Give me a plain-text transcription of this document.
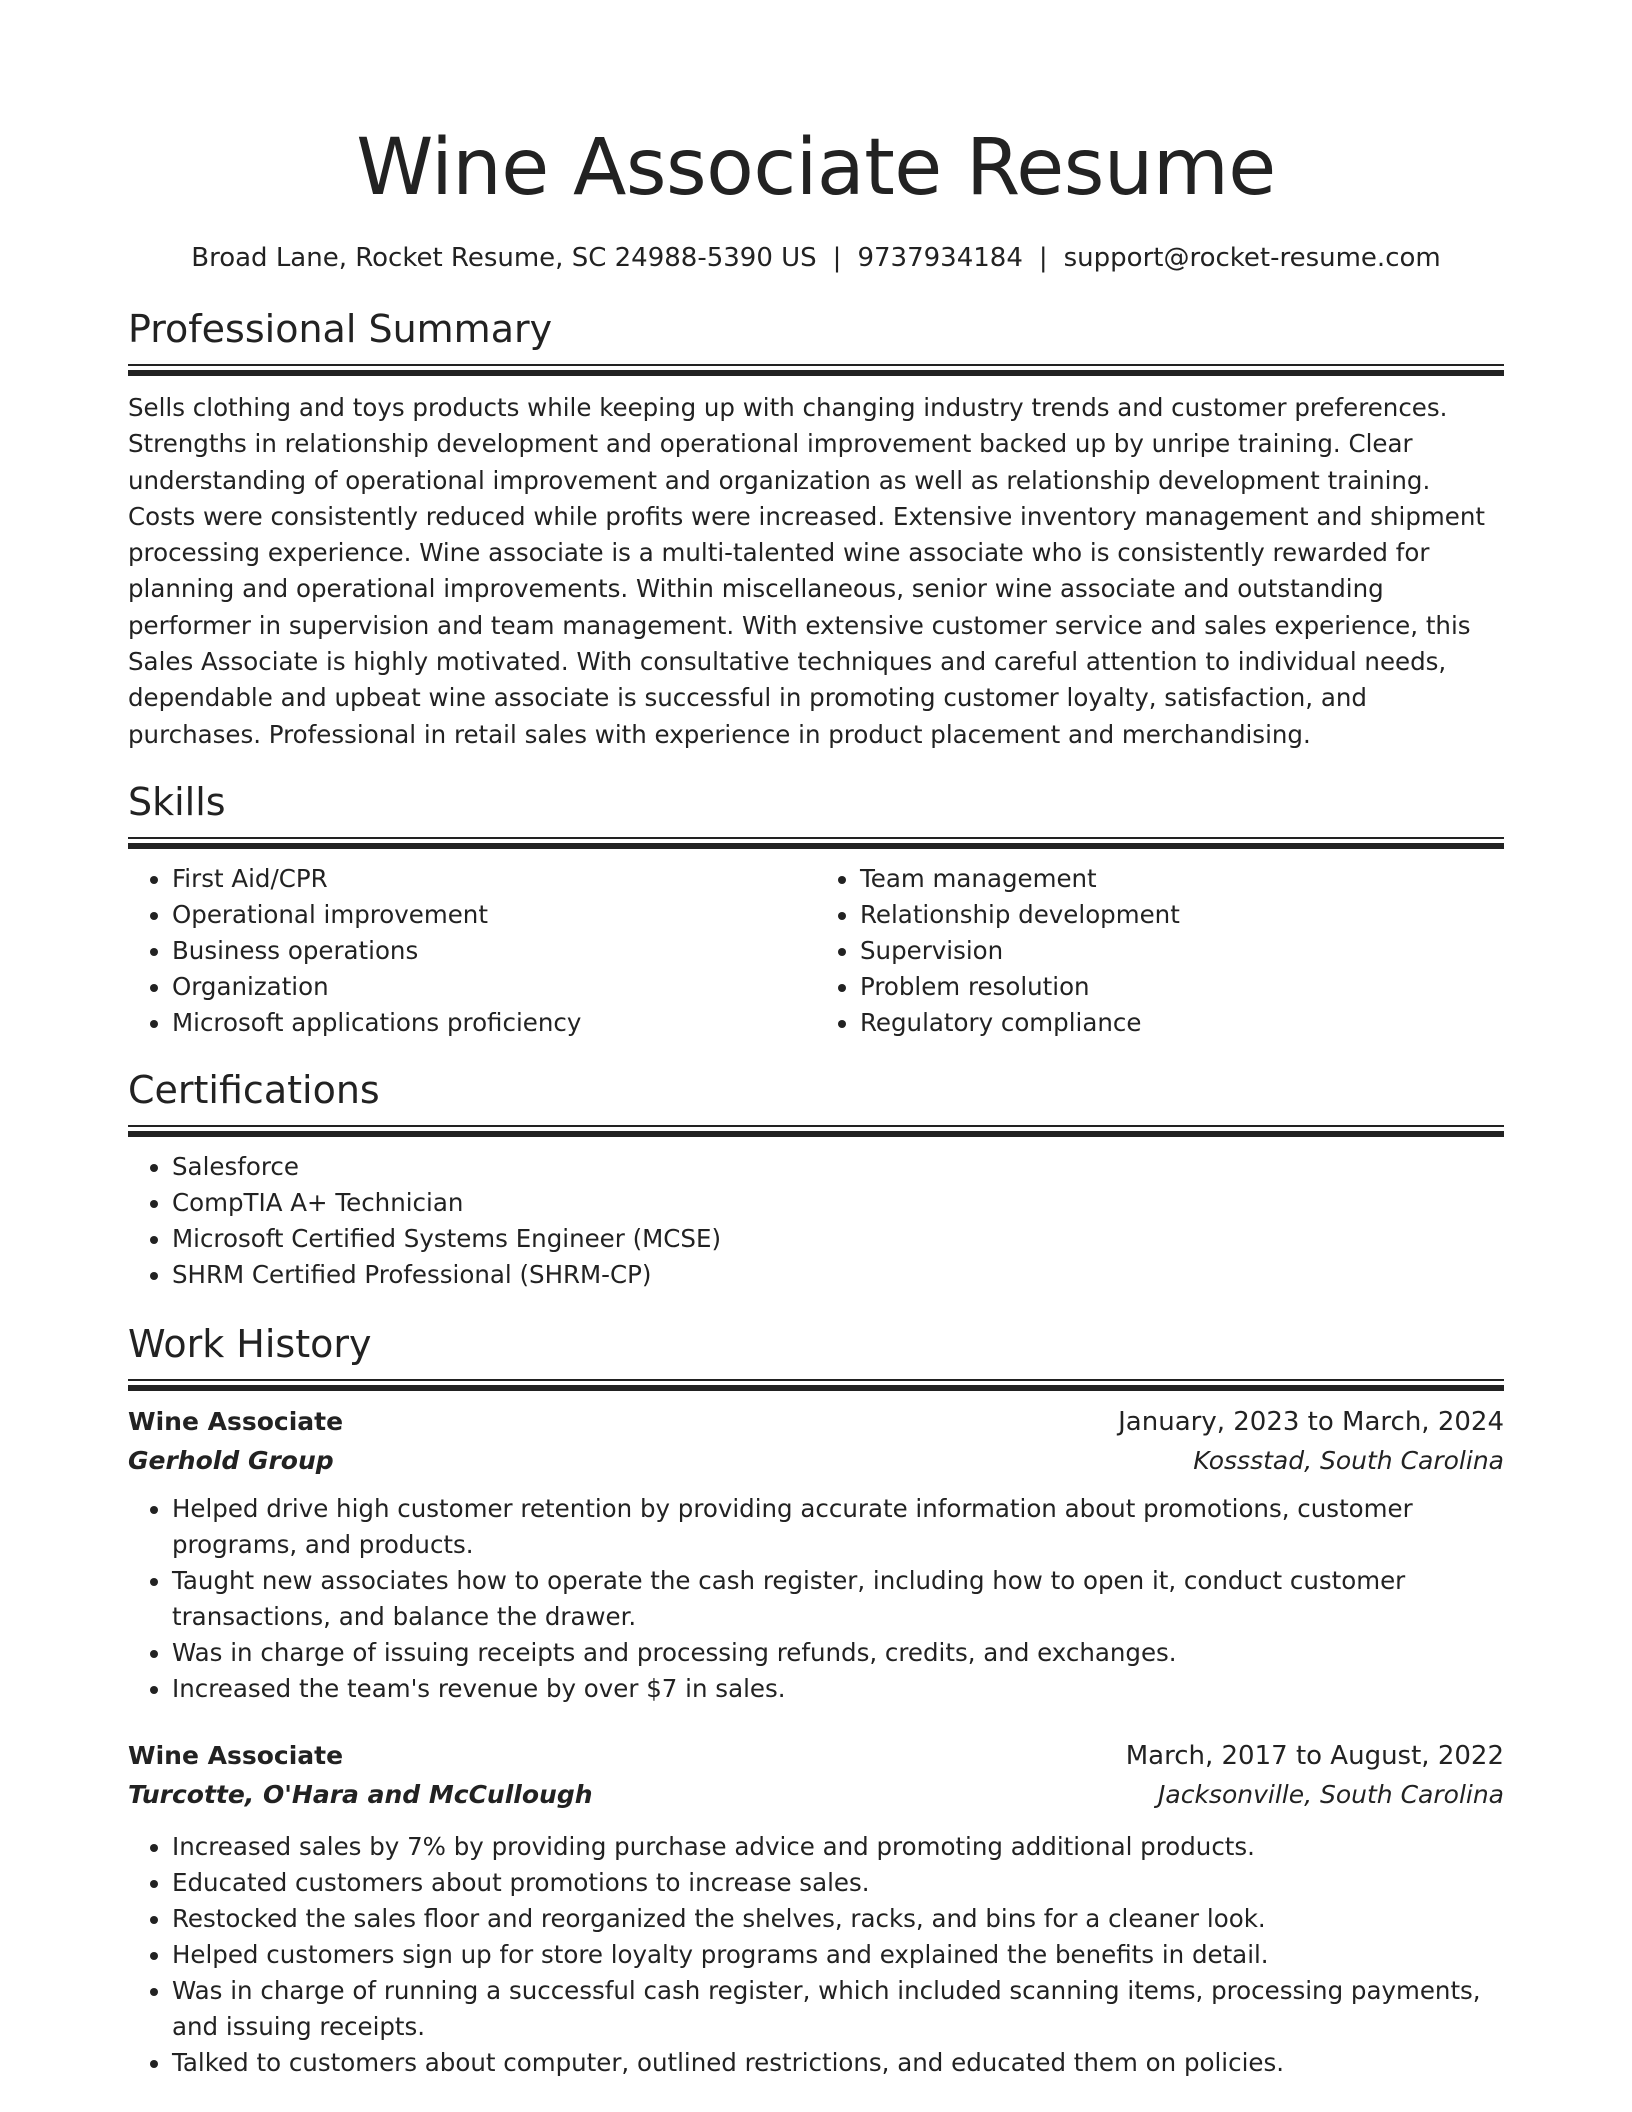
Wine Associate Resume
Broad Lane, Rocket Resume, SC 24988-5390 US | 9737934184 | support@rocket-resume.com
Professional Summary

Sells clothing and toys products while keeping up with changing industry trends and customer preferences. Strengths in relationship development and operational improvement backed up by unripe training. Clear understanding of operational improvement and organization as well as relationship development training. Costs were consistently reduced while profits were increased. Extensive inventory management and shipment processing experience. Wine associate is a multi-talented wine associate who is consistently rewarded for planning and operational improvements. Within miscellaneous, senior wine associate and outstanding performer in supervision and team management. With extensive customer service and sales experience, this Sales Associate is highly motivated. With consultative techniques and careful attention to individual needs, dependable and upbeat wine associate is successful in promoting customer loyalty, satisfaction, and purchases. Professional in retail sales with experience in product placement and merchandising.

Skills
• First Aid/CPR
• Operational improvement
• Business operations
• Organization
• Microsoft applications proficiency
• Team management
• Relationship development
• Supervision
• Problem resolution
• Regulatory compliance
Certifications
• Salesforce
• CompTIA A+ Technician
• Microsoft Certified Systems Engineer (MCSE)
• SHRM Certified Professional (SHRM-CP)
Work History
Wine Associate	January, 2023 to March, 2024
Gerhold Group	Kossstad, South Carolina
• Helped drive high customer retention by providing accurate information about promotions, customer programs, and products.
• Taught new associates how to operate the cash register, including how to open it, conduct customer transactions, and balance the drawer.
• Was in charge of issuing receipts and processing refunds, credits, and exchanges.
• Increased the team's revenue by over $7 in sales.
Wine Associate	March, 2017 to August, 2022
Turcotte, O'Hara and McCullough	Jacksonville, South Carolina
• Increased sales by 7% by providing purchase advice and promoting additional products.
• Educated customers about promotions to increase sales.
• Restocked the sales floor and reorganized the shelves, racks, and bins for a cleaner look.
• Helped customers sign up for store loyalty programs and explained the benefits in detail.
• Was in charge of running a successful cash register, which included scanning items, processing payments, and issuing receipts.
• Talked to customers about computer, outlined restrictions, and educated them on policies.
